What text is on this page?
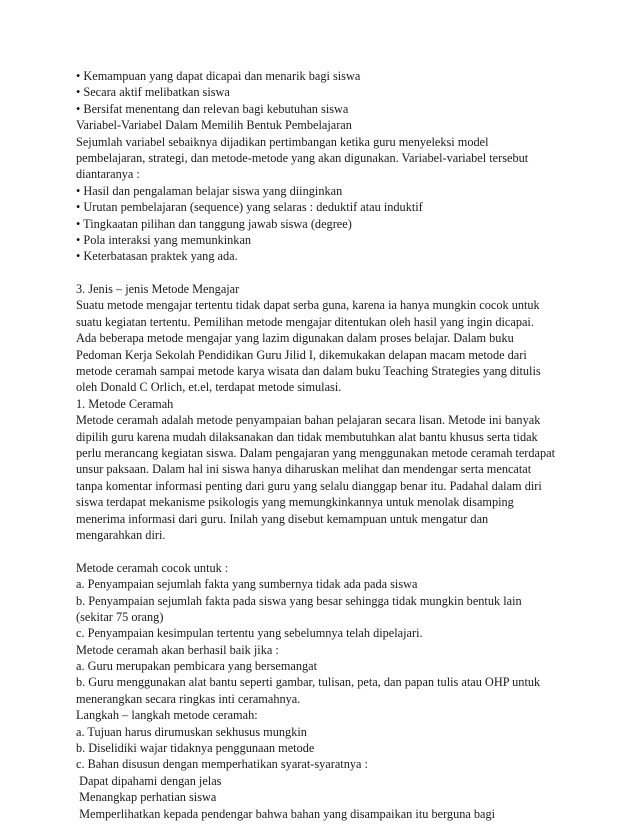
• Kemampuan yang dapat dicapai dan menarik bagi siswa
• Secara aktif melibatkan siswa
• Bersifat menentang dan relevan bagi kebutuhan siswa
Variabel-Variabel Dalam Memilih Bentuk Pembelajaran
Sejumlah variabel sebaiknya dijadikan pertimbangan ketika guru menyeleksi model
pembelajaran, strategi, dan metode-metode yang akan digunakan. Variabel-variabel tersebut
diantaranya :
• Hasil dan pengalaman belajar siswa yang diinginkan
• Urutan pembelajaran (sequence) yang selaras : deduktif atau induktif
• Tingkaatan pilihan dan tanggung jawab siswa (degree)
• Pola interaksi yang memunkinkan
• Keterbatasan praktek yang ada.
3. Jenis – jenis Metode Mengajar
Suatu metode mengajar tertentu tidak dapat serba guna, karena ia hanya mungkin cocok untuk
suatu kegiatan tertentu. Pemilihan metode mengajar ditentukan oleh hasil yang ingin dicapai.
Ada beberapa metode mengajar yang lazim digunakan dalam proses belajar. Dalam buku
Pedoman Kerja Sekolah Pendidikan Guru Jilid I, dikemukakan delapan macam metode dari
metode ceramah sampai metode karya wisata dan dalam buku Teaching Strategies yang ditulis
oleh Donald C Orlich, et.el, terdapat metode simulasi.
1. Metode Ceramah
Metode ceramah adalah metode penyampaian bahan pelajaran secara lisan. Metode ini banyak
dipilih guru karena mudah dilaksanakan dan tidak membutuhkan alat bantu khusus serta tidak
perlu merancang kegiatan siswa. Dalam pengajaran yang menggunakan metode ceramah terdapat
unsur paksaan. Dalam hal ini siswa hanya diharuskan melihat dan mendengar serta mencatat
tanpa komentar informasi penting dari guru yang selalu dianggap benar itu. Padahal dalam diri
siswa terdapat mekanisme psikologis yang memungkinkannya untuk menolak disamping
menerima informasi dari guru. Inilah yang disebut kemampuan untuk mengatur dan
mengarahkan diri.
Metode ceramah cocok untuk :
a. Penyampaian sejumlah fakta yang sumbernya tidak ada pada siswa
b. Penyampaian sejumlah fakta pada siswa yang besar sehingga tidak mungkin bentuk lain
(sekitar 75 orang)
c. Penyampaian kesimpulan tertentu yang sebelumnya telah dipelajari.
Metode ceramah akan berhasil baik jika :
a. Guru merupakan pembicara yang bersemangat
b. Guru menggunakan alat bantu seperti gambar, tulisan, peta, dan papan tulis atau OHP untuk
menerangkan secara ringkas inti ceramahnya.
Langkah – langkah metode ceramah:
a. Tujuan harus dirumuskan sekhusus mungkin
b. Diselidiki wajar tidaknya penggunaan metode
c. Bahan disusun dengan memperhatikan syarat-syaratnya :
Dapat dipahami dengan jelas
Menangkap perhatian siswa
Memperlihatkan kepada pendengar bahwa bahan yang disampaikan itu berguna bagi
